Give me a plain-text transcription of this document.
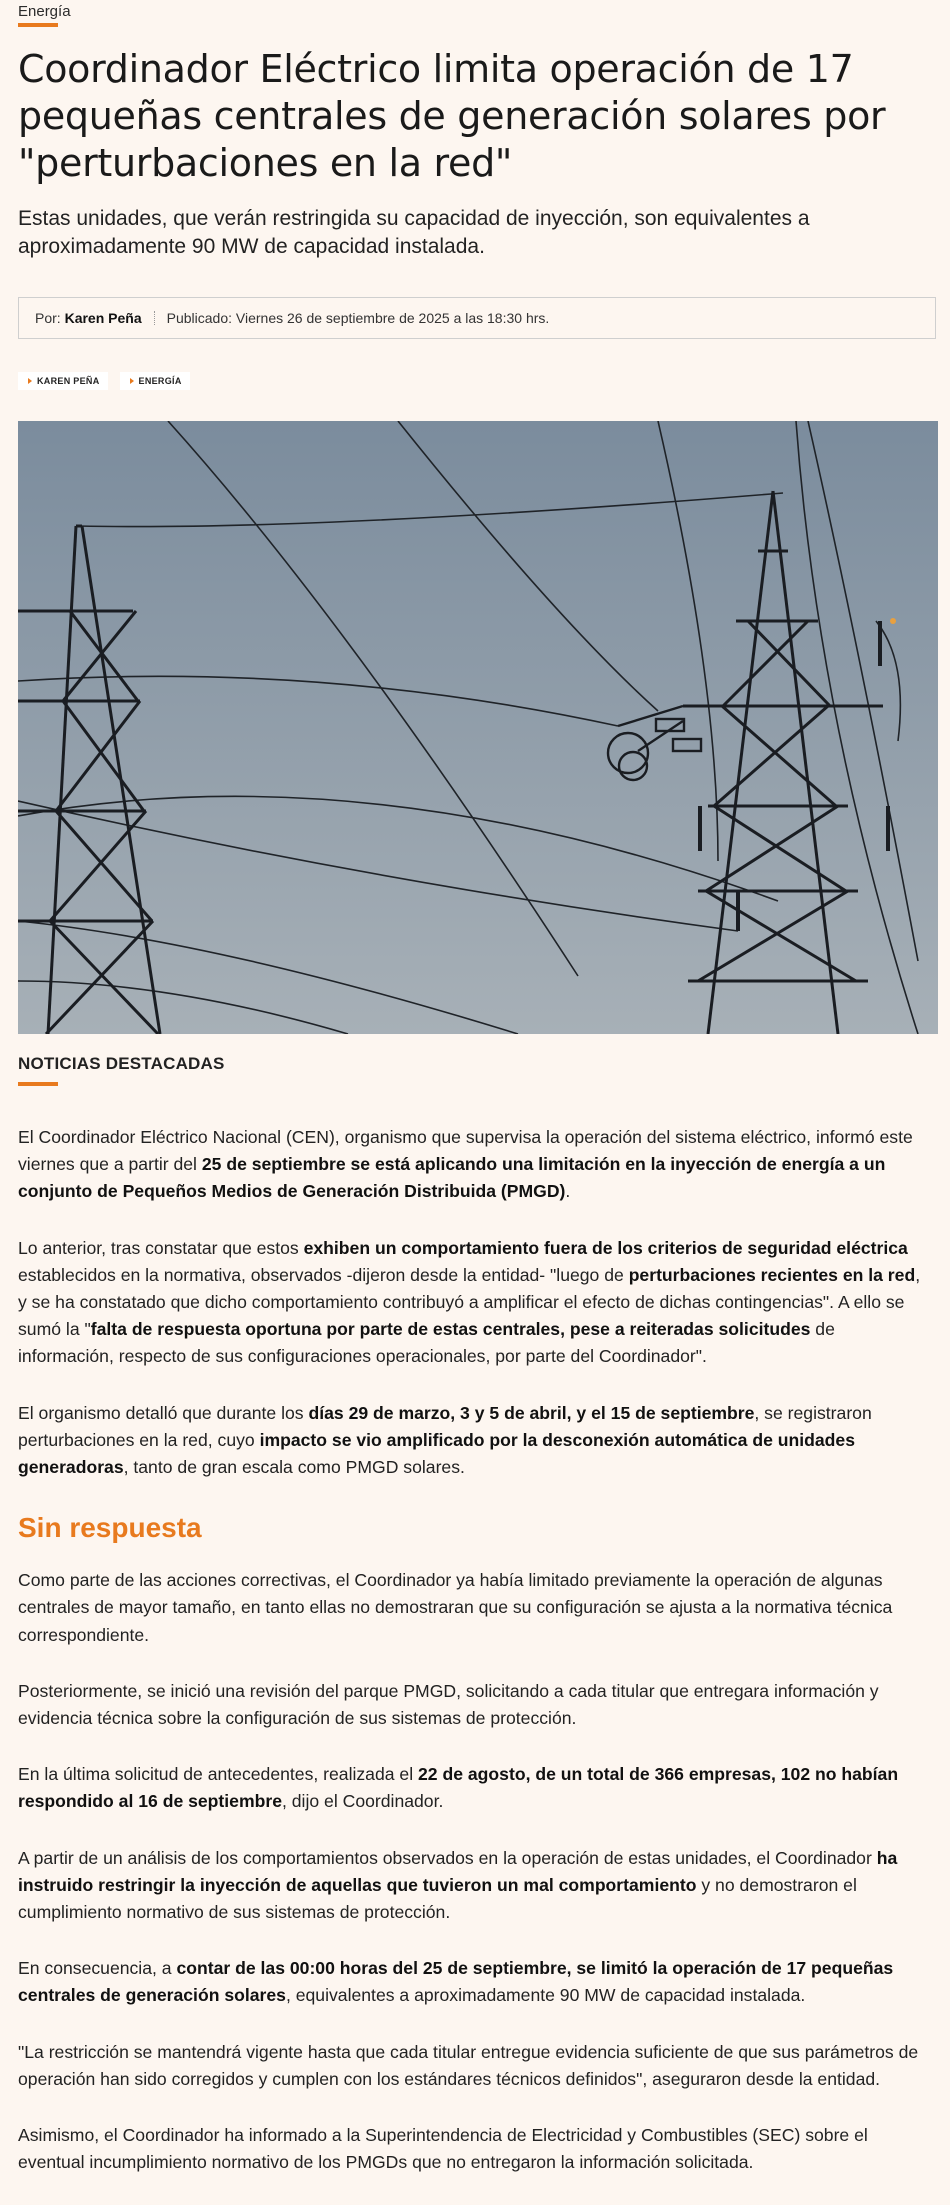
Energía
Coordinador Eléctrico limita operación de 17 pequeñas centrales de generación solares por "perturbaciones en la red"
Estas unidades, que verán restringida su capacidad de inyección, son equivalentes a aproximadamente 90 MW de capacidad instalada.
Por:
Karen Peña Publicado: Viernes 26 de septiembre de 2025 a las 18:30 hrs.
KAREN PEÑA	ENERGÍA
NOTICIAS DESTACADAS

El Coordinador Eléctrico Nacional (CEN), organismo que supervisa la operación del sistema eléctrico, informó este viernes que a partir del 25 de septiembre se está aplicando una limitación en la inyección de energía a un conjunto de Pequeños Medios de Generación Distribuida (PMGD).

Lo anterior, tras constatar que estos exhiben un comportamiento fuera de los criterios de seguridad eléctrica establecidos en la normativa, observados -dijeron desde la entidad- "luego de perturbaciones recientes en la red, y se ha constatado que dicho comportamiento contribuyó a amplificar el efecto de dichas contingencias". A ello se sumó la "falta de respuesta oportuna por parte de estas centrales, pese a reiteradas solicitudes de información, respecto de sus configuraciones operacionales, por parte del Coordinador".

El organismo detalló que durante los días 29 de marzo, 3 y 5 de abril, y el 15 de septiembre, se registraron perturbaciones en la red, cuyo impacto se vio amplificado por la desconexión automática de unidades generadoras, tanto de gran escala como PMGD solares.

Sin respuesta

Como parte de las acciones correctivas, el Coordinador ya había limitado previamente la operación de algunas centrales de mayor tamaño, en tanto ellas no demostraran que su configuración se ajusta a la normativa técnica correspondiente.

Posteriormente, se inició una revisión del parque PMGD, solicitando a cada titular que entregara información y evidencia técnica sobre la configuración de sus sistemas de protección.

En la última solicitud de antecedentes, realizada el 22 de agosto, de un total de 366 empresas, 102 no habían respondido al 16 de septiembre, dijo el Coordinador.

A partir de un análisis de los comportamientos observados en la operación de estas unidades, el Coordinador ha instruido restringir la inyección de aquellas que tuvieron un mal comportamiento y no demostraron el cumplimiento normativo de sus sistemas de protección.

En consecuencia, a contar de las 00:00 horas del 25 de septiembre, se limitó la operación de 17 pequeñas centrales de generación solares, equivalentes a aproximadamente 90 MW de capacidad instalada.

"La restricción se mantendrá vigente hasta que cada titular entregue evidencia suficiente de que sus parámetros de operación han sido corregidos y cumplen con los estándares técnicos definidos", aseguraron desde la entidad.

Asimismo, el Coordinador ha informado a la Superintendencia de Electricidad y Combustibles (SEC) sobre el eventual incumplimiento normativo de los PMGDs que no entregaron la información solicitada.
